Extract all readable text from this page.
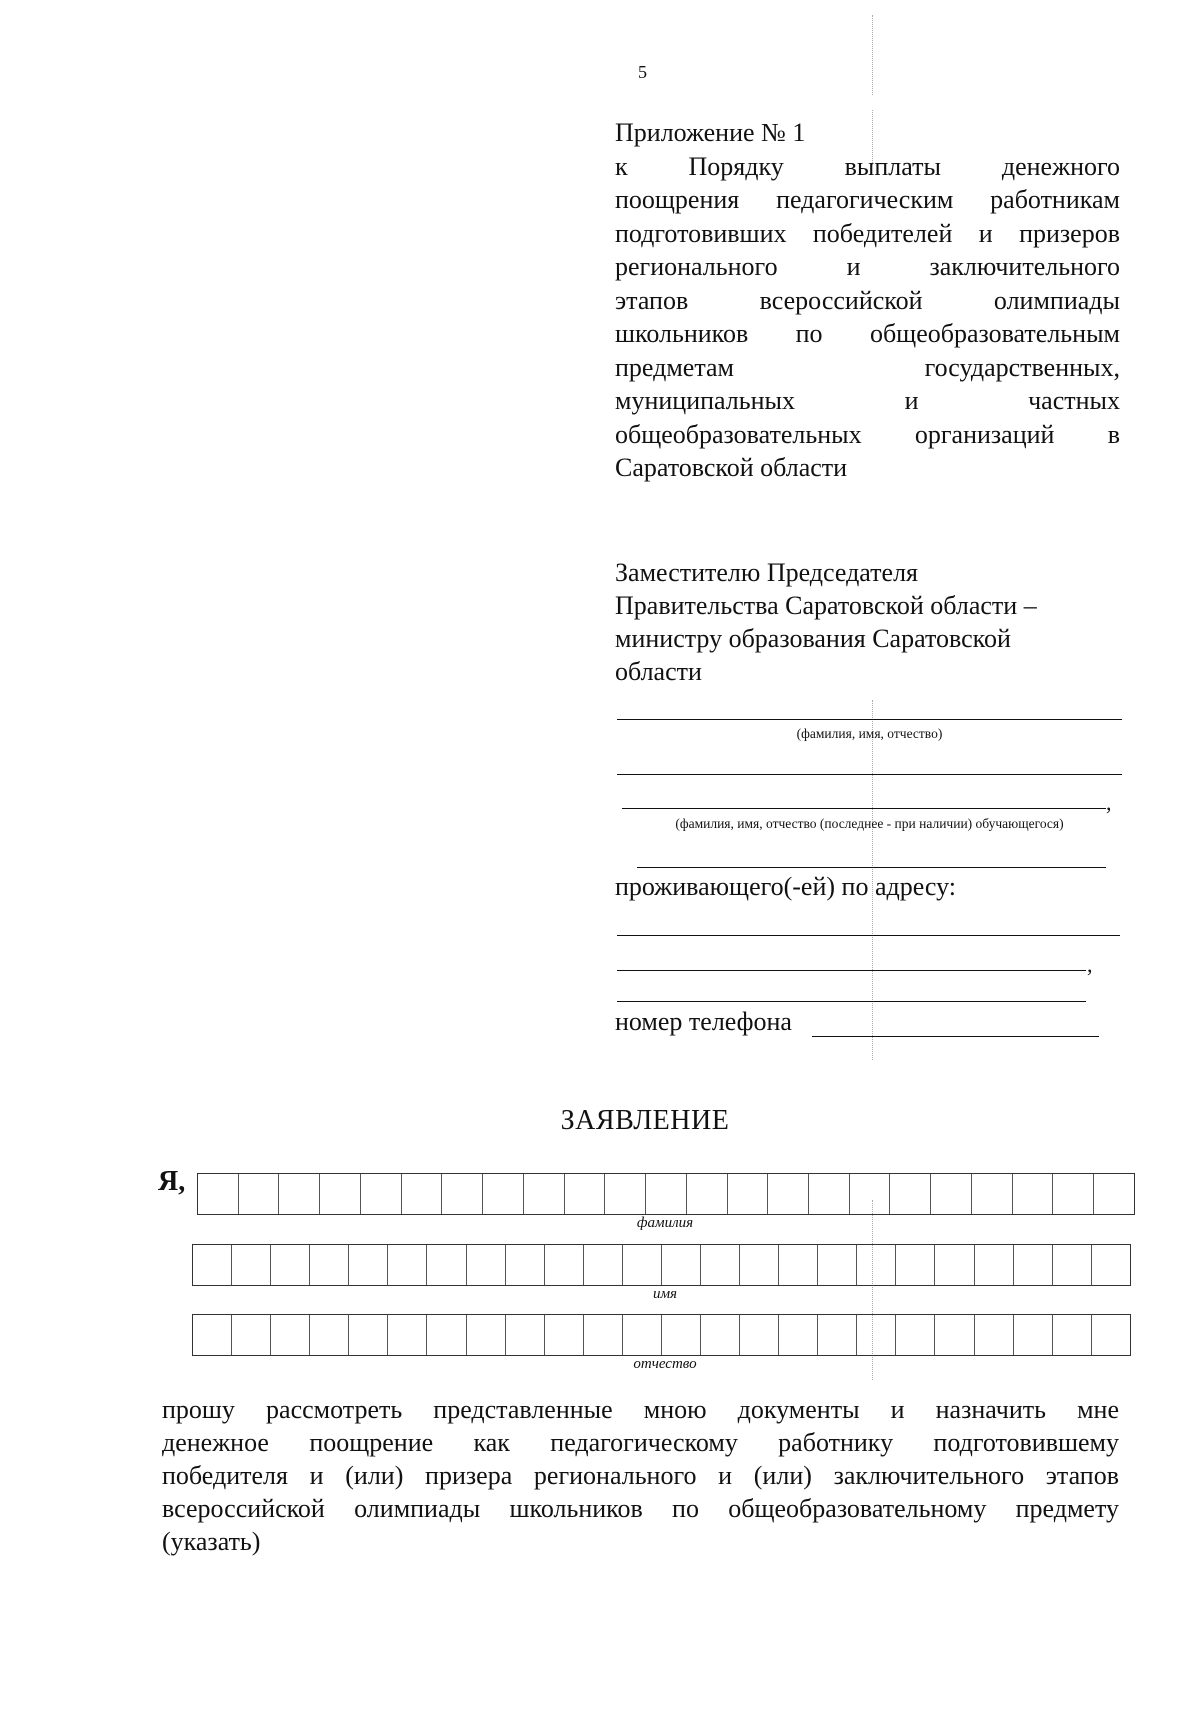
5
Приложение № 1
к Порядку выплаты денежного
поощрения педагогическим работникам
подготовивших победителей и призеров
регионального и заключительного
этапов всероссийской олимпиады
школьников по общеобразовательным
предметам государственных,
муниципальных и частных
общеобразовательных организаций в
Саратовской области
Заместителю Председателя
Правительства Саратовской области –
министру образования Саратовской
области
(фамилия, имя, отчество)
,
(фамилия, имя, отчество (последнее - при наличии) обучающегося)
проживающего(-ей) по адресу:
,
номер телефона
ЗАЯВЛЕНИЕ
Я,
фамилия
имя
отчество
прошу рассмотреть представленные мною документы и назначить мне
денежное поощрение как педагогическому работнику подготовившему
победителя и (или) призера регионального и (или) заключительного этапов
всероссийской олимпиады школьников по общеобразовательному предмету
(указать)
